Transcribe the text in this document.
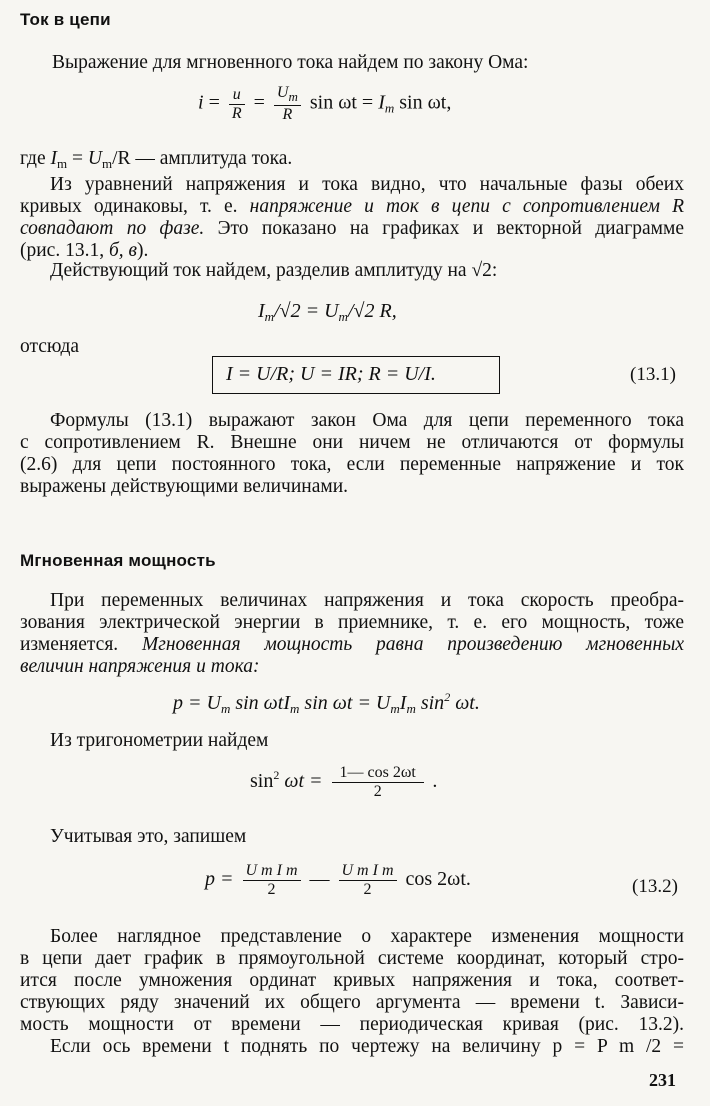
Ток в цепи
Выражение для мгновенного тока найдем по закону Ома:
$i = \frac{u}{R} = \frac{U_m}{R}$ $\sin \omega t = I_m$ sin ωt,
где $I_m = U_m/R$ — амплитуда тока.
Из уравнений напряжения и тока видно, что начальные фазы обеих
кривых одинаковы, т. е. напряжение и ток в цепи с сопротивлением R
совпадают по фазе. Это показано на графиках и векторной диаграмме
(рис. 13.1, б, в).
Действующий ток найдем, разделив амплитуду на √2:
$I_m/√2 = U_m/√2$ R,
отсюда
I = U/R; U = IR; R = U/I.	(13.1)
Формулы (13.1) выражают закон Ома для цепи переменного тока
с сопротивлением R. Внешне они ничем не отличаются от формулы
(2.6) для цепи постоянного тока, если переменные напряжение и ток
выражены действующими величинами.
Мгновенная мощность
При переменных величинах напряжения и тока скорость преобра-
зования электрической энергии в приемнике, т. е. его мощность, тоже
изменяется. Мгновенная мощность равна произведению мгновенных
величин напряжения и тока:
$p = U_m$ sin ωtI$_m$ $\sin \omega t = U_mI_m$ $\sin^2 \omega t$.
Из тригонометрии найдем
$\sin^2 \omega t = \frac{1— \cos 2\omega t}{2}$ .
Учитывая это, запишем
$p = \frac{\text{U m I m}}{2}$ — $\frac{\text{U m I m}}{2}$ cos 2ωt.	(13.2)
Более наглядное представление о характере изменения мощности
в цепи дает график в прямоугольной системе координат, который стро-
ится после умножения ординат кривых напряжения и тока, соответ-
ствующих ряду значений их общего аргумента — времени t. Зависи-
мость мощности от времени — периодическая кривая (рис. 13.2).
Если ось времени t поднять по чертежу на величину p = P m /2 =
231
